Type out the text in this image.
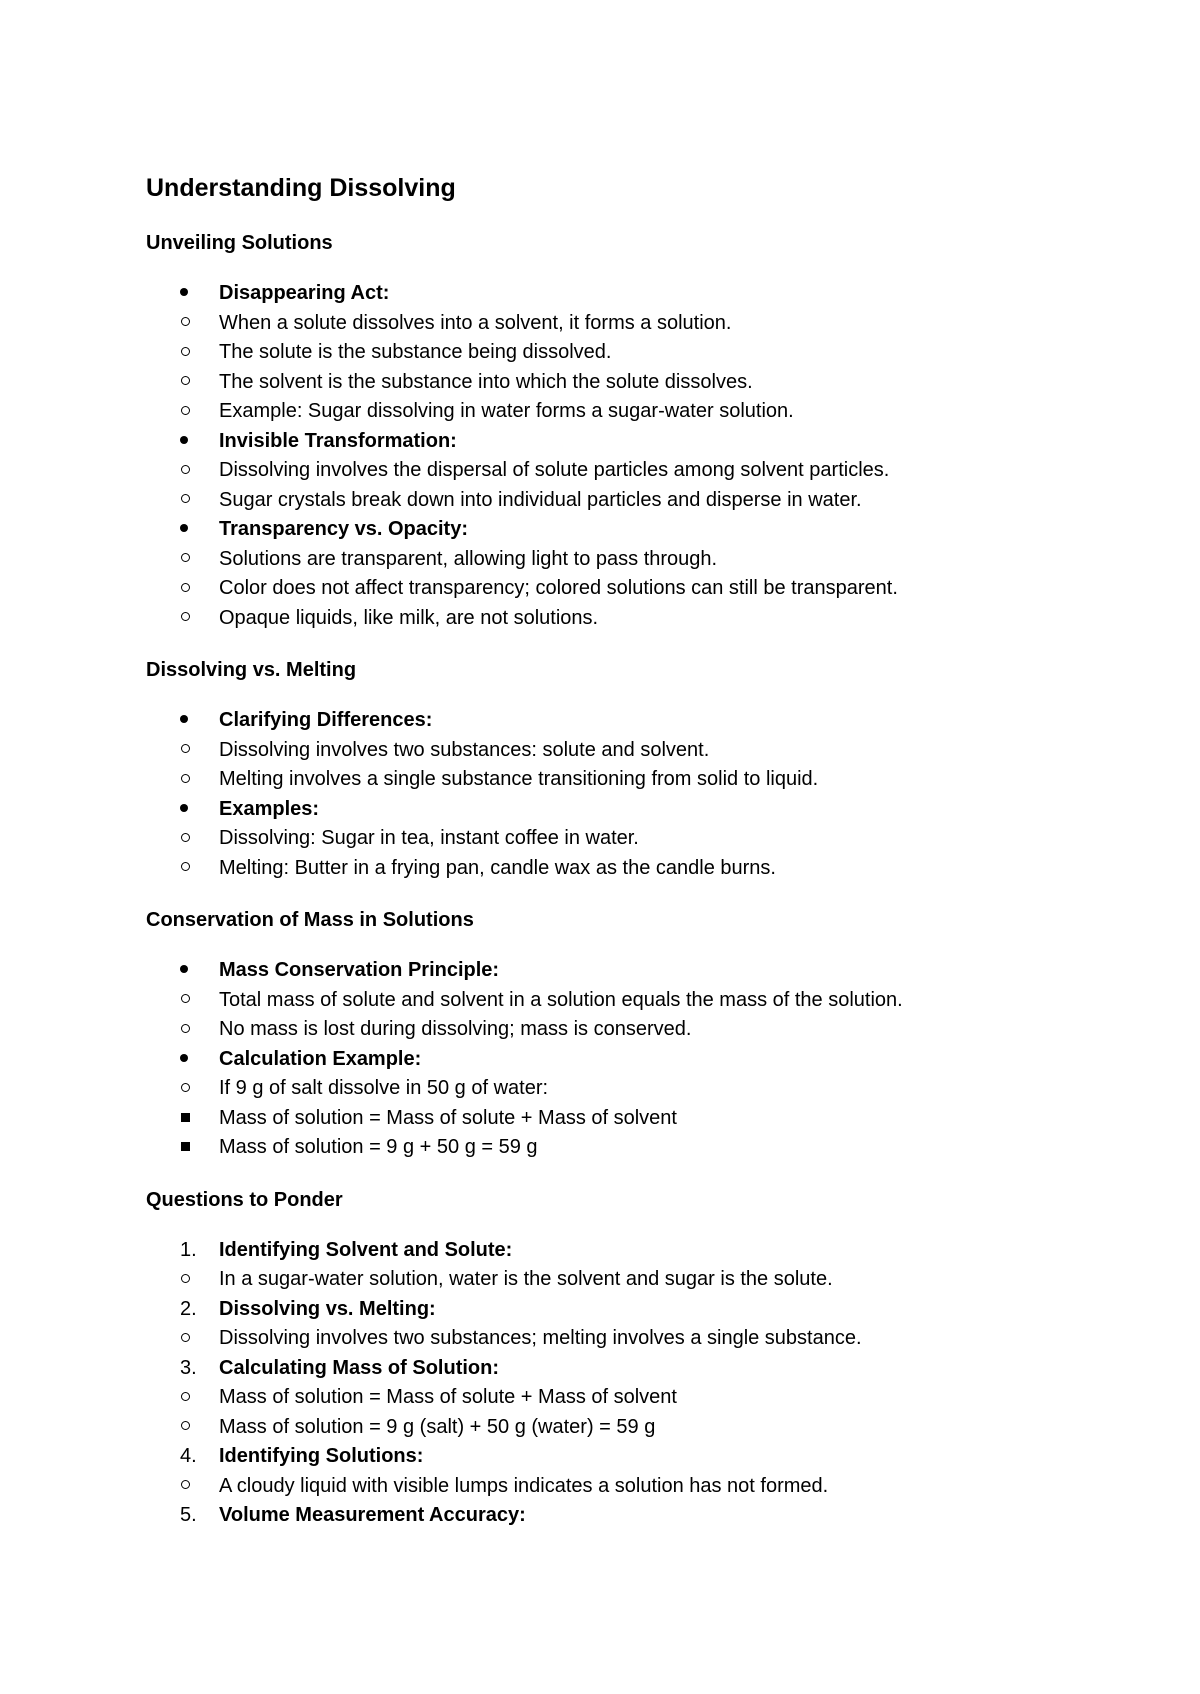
Understanding Dissolving
Unveiling Solutions
Disappearing Act:
When a solute dissolves into a solvent, it forms a solution.
The solute is the substance being dissolved.
The solvent is the substance into which the solute dissolves.
Example: Sugar dissolving in water forms a sugar-water solution.
Invisible Transformation:
Dissolving involves the dispersal of solute particles among solvent particles.
Sugar crystals break down into individual particles and disperse in water.
Transparency vs. Opacity:
Solutions are transparent, allowing light to pass through.
Color does not affect transparency; colored solutions can still be transparent.
Opaque liquids, like milk, are not solutions.
Dissolving vs. Melting
Clarifying Differences:
Dissolving involves two substances: solute and solvent.
Melting involves a single substance transitioning from solid to liquid.
Examples:
Dissolving: Sugar in tea, instant coffee in water.
Melting: Butter in a frying pan, candle wax as the candle burns.
Conservation of Mass in Solutions
Mass Conservation Principle:
Total mass of solute and solvent in a solution equals the mass of the solution.
No mass is lost during dissolving; mass is conserved.
Calculation Example:
If 9 g of salt dissolve in 50 g of water:
Mass of solution = Mass of solute + Mass of solvent
Mass of solution = 9 g + 50 g = 59 g
Questions to Ponder
1. Identifying Solvent and Solute:
In a sugar-water solution, water is the solvent and sugar is the solute.
2. Dissolving vs. Melting:
Dissolving involves two substances; melting involves a single substance.
3. Calculating Mass of Solution:
Mass of solution = Mass of solute + Mass of solvent
Mass of solution = 9 g (salt) + 50 g (water) = 59 g
4. Identifying Solutions:
A cloudy liquid with visible lumps indicates a solution has not formed.
5. Volume Measurement Accuracy:
